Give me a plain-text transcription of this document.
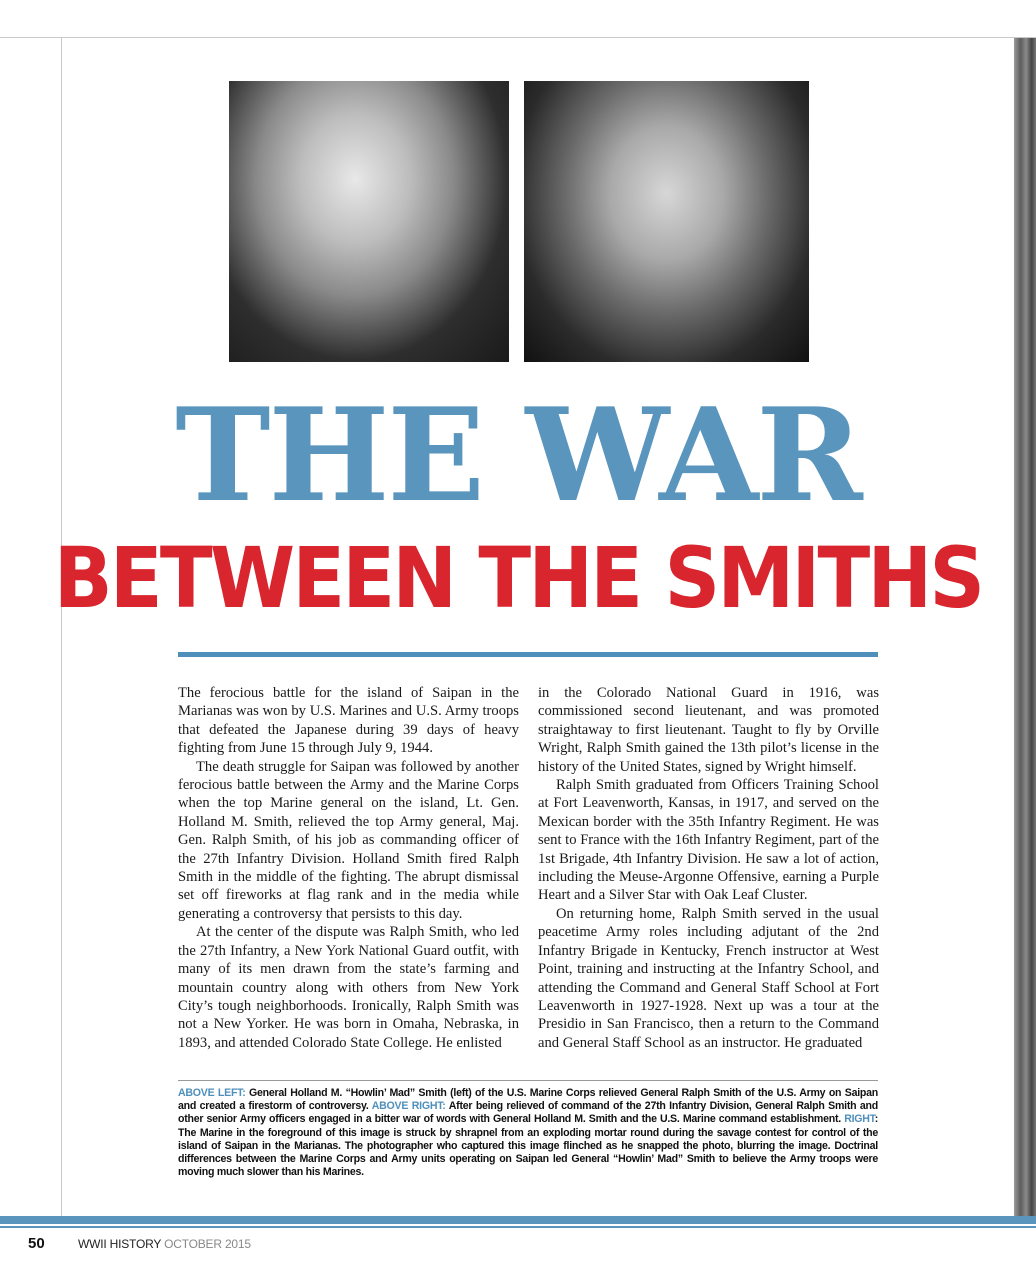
THE WAR
BETWEEN THE SMITHS

The ferocious battle for the island of Saipan in the Marianas was won by U.S. Marines and U.S. Army troops that defeated the Japanese during 39 days of heavy fighting from June 15 through July 9, 1944.

The death struggle for Saipan was followed by another ferocious battle between the Army and the Marine Corps when the top Marine general on the island, Lt. Gen. Holland M. Smith, relieved the top Army general, Maj. Gen. Ralph Smith, of his job as commanding officer of the 27th Infantry Division. Holland Smith fired Ralph Smith in the middle of the fighting. The abrupt dismissal set off fireworks at flag rank and in the media while generating a controversy that persists to this day.

At the center of the dispute was Ralph Smith, who led the 27th Infantry, a New York National Guard outfit, with many of its men drawn from the state’s farming and mountain country along with others from New York City’s tough neighborhoods. Ironically, Ralph Smith was not a New Yorker. He was born in Omaha, Nebraska, in 1893, and attended Colorado State College. He enlisted

in the Colorado National Guard in 1916, was commissioned second lieutenant, and was promoted straightaway to first lieutenant. Taught to fly by Orville Wright, Ralph Smith gained the 13th pilot’s license in the history of the United States, signed by Wright himself.

Ralph Smith graduated from Officers Training School at Fort Leavenworth, Kansas, in 1917, and served on the Mexican border with the 35th Infantry Regiment. He was sent to France with the 16th Infantry Regiment, part of the 1st Brigade, 4th Infantry Division. He saw a lot of action, including the Meuse-Argonne Offensive, earning a Purple Heart and a Silver Star with Oak Leaf Cluster.

On returning home, Ralph Smith served in the usual peacetime Army roles including adjutant of the 2nd Infantry Brigade in Kentucky, French instructor at West Point, training and instructing at the Infantry School, and attending the Command and General Staff School at Fort Leavenworth in 1927-1928. Next up was a tour at the Presidio in San Francisco, then a return to the Command and General Staff School as an instructor. He graduated

ABOVE LEFT: General Holland M. “Howlin’ Mad” Smith (left) of the U.S. Marine Corps relieved General Ralph Smith of the U.S. Army on Saipan and created a firestorm of controversy. ABOVE RIGHT: After being relieved of command of the 27th Infantry Division, General Ralph Smith and other senior Army officers engaged in a bitter war of words with General Holland M. Smith and the U.S. Marine command establishment. RIGHT: The Marine in the foreground of this image is struck by shrapnel from an exploding mortar round during the savage contest for control of the island of Saipan in the Marianas. The photographer who captured this image flinched as he snapped the photo, blurring the image. Doctrinal differences between the Marine Corps and Army units operating on Saipan led General “Howlin’ Mad” Smith to believe the Army troops were moving much slower than his Marines.
50	WWII HISTORY OCTOBER 2015
